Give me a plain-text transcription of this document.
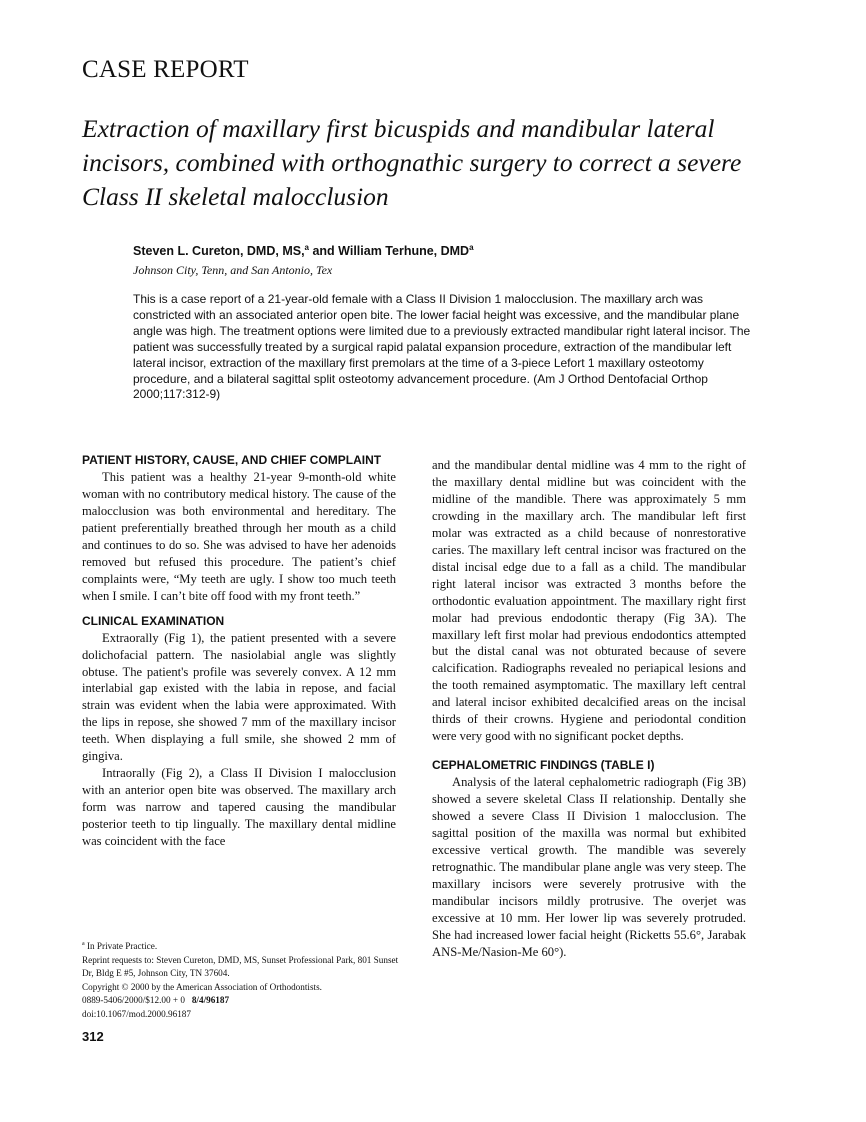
CASE REPORT
Extraction of maxillary first bicuspids and mandibular lateral incisors, combined with orthognathic surgery to correct a severe Class II skeletal malocclusion
Steven L. Cureton, DMD, MS,$^a$ and William Terhune, DMD$^a$
Johnson City, Tenn, and San Antonio, Tex
This is a case report of a 21-year-old female with a Class II Division 1 malocclusion. The maxillary arch was constricted with an associated anterior open bite. The lower facial height was excessive, and the mandibular plane angle was high. The treatment options were limited due to a previously extracted mandibular right lateral incisor. The patient was successfully treated by a surgical rapid palatal expansion procedure, extraction of the mandibular left lateral incisor, extraction of the maxillary first premolars at the time of a 3-piece Lefort 1 maxillary osteotomy procedure, and a bilateral sagittal split osteotomy advancement procedure. (Am J Orthod Dentofacial Orthop 2000;117:312-9)
PATIENT HISTORY, CAUSE, AND CHIEF COMPLAINT

This patient was a healthy 21-year 9-month-old white woman with no contributory medical history. The cause of the malocclusion was both environmental and hereditary. The patient preferentially breathed through her mouth as a child and continues to do so. She was advised to have her adenoids removed but refused this procedure. The patient’s chief complaints were, “My teeth are ugly. I show too much teeth when I smile. I can’t bite off food with my front teeth.”

CLINICAL EXAMINATION

Extraorally (Fig 1), the patient presented with a severe dolichofacial pattern. The nasiolabial angle was slightly obtuse. The patient's profile was severely convex. A 12 mm interlabial gap existed with the labia in repose, and facial strain was evident when the labia were approximated. With the lips in repose, she showed 7 mm of the maxillary incisor teeth. When displaying a full smile, she showed 2 mm of gingiva.

Intraorally (Fig 2), a Class II Division I malocclusion with an anterior open bite was observed. The maxillary arch form was narrow and tapered causing the mandibular posterior teeth to tip lingually. The maxillary dental midline was coincident with the face

and the mandibular dental midline was 4 mm to the right of the maxillary dental midline but was coincident with the midline of the mandible. There was approximately 5 mm crowding in the maxillary arch. The mandibular left first molar was extracted as a child because of nonrestorative caries. The maxillary left central incisor was fractured on the distal incisal edge due to a fall as a child. The mandibular right lateral incisor was extracted 3 months before the orthodontic evaluation appointment. The maxillary right first molar had previous endodontic therapy (Fig 3A). The maxillary left first molar had previous endodontics attempted but the distal canal was not obturated because of severe calcification. Radiographs revealed no periapical lesions and the tooth remained asymptomatic. The maxillary left central and lateral incisor exhibited decalcified areas on the incisal thirds of their crowns. Hygiene and periodontal condition were very good with no significant pocket depths.

CEPHALOMETRIC FINDINGS (TABLE I)

Analysis of the lateral cephalometric radiograph (Fig 3B) showed a severe skeletal Class II relationship. Dentally she showed a severe Class II Division 1 malocclusion. The sagittal position of the maxilla was normal but exhibited excessive vertical growth. The mandible was severely retrognathic. The mandibular plane angle was very steep. The maxillary incisors were severely protrusive with the mandibular incisors mildly protrusive. The overjet was excessive at 10 mm. Her lower lip was severely protruded. She had increased lower facial height (Ricketts 55.6°, Jarabak ANS-Me/Nasion-Me 60°).

$^a$ In Private Practice.
Reprint requests to: Steven Cureton, DMD, MS, Sunset Professional Park, 801 Sunset Dr, Bldg E #5, Johnson City, TN 37604.
Copyright © 2000 by the American Association of Orthodontists.
0889-5406/2000/$12.00 + 0 8/4/96187
doi:10.1067/mod.2000.96187
312
